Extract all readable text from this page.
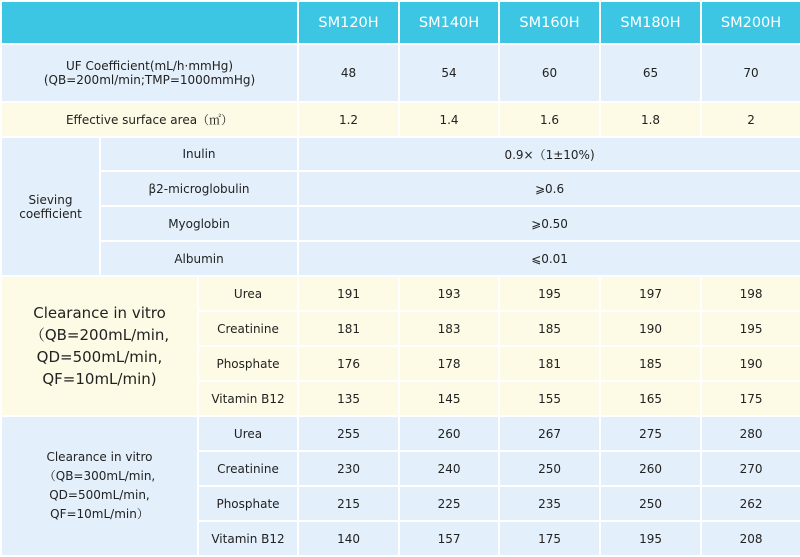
			SM120H	SM140H	SM160H	SM180H	SM200H

UF Coefficient(mL/h·mmHg)
(QB=200ml/min;TMP=1000mmHg)			48	54	60	65	70
Effective surface area（㎡）			1.2	1.4	1.6	1.8	2

Sieving
coefficient	Inulin		0.9×（1±10%)				
	β2-microglobulin		⩾0.6				
	Myoglobin		⩾0.50				
	Albumin		⩽0.01				

Clearance in vitro
（QB=200mL/min,
QD=500mL/min,
QF=10mL/min)		Urea	191	193	195	197	198
		Creatinine	181	183	185	190	195
		Phosphate	176	178	181	185	190
		Vitamin B12	135	145	155	165	175

Clearance in vitro
（QB=300mL/min,
QD=500mL/min,
QF=10mL/min）		Urea	255	260	267	275	280
		Creatinine	230	240	250	260	270
		Phosphate	215	225	235	250	262
		Vitamin B12	140	157	175	195	208
